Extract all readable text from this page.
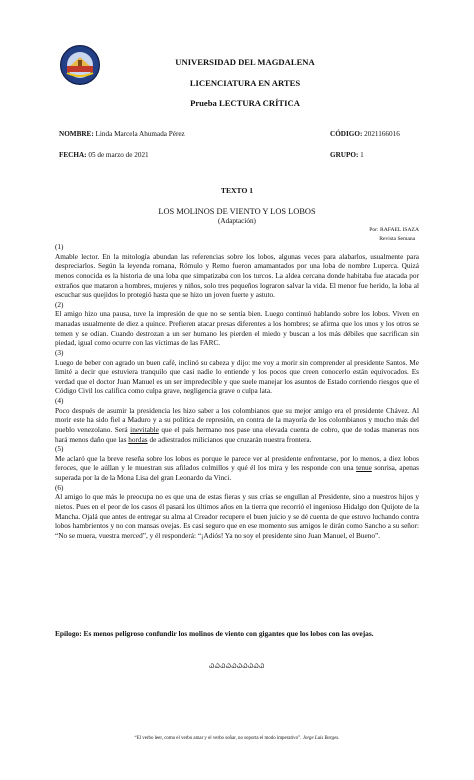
UNIVERSIDAD DEL MAGDALENA
LICENCIATURA EN ARTES
Prueba LECTURA CRÍTICA
NOMBRE: Linda Marcela Ahumada Pérez	CÓDIGO: 2021166016
FECHA: 05 de marzo de 2021	GRUPO: 1
TEXTO 1
LOS MOLINOS DE VIENTO Y LOS LOBOS
(Adaptación)
Por: RAFAEL ISAZA
Revista Semana

(1)

Amable lector. En la mitología abundan las referencias sobre los lobos, algunas veces para alabarlos, usualmente para despreciarlos. Según la leyenda romana, Rómulo y Remo fueron amamantados por una loba de nombre Luperca. Quizá menos conocida es la historia de una loba que simpatizaba con los turcos. La aldea cercana donde habitaba fue atacada por extraños que mataron a hombres, mujeres y niños, solo tres pequeños lograron salvar la vida. El menor fue herido, la loba al escuchar sus quejidos lo protegió hasta que se hizo un joven fuerte y astuto.

(2)

El amigo hizo una pausa, tuve la impresión de que no se sentía bien. Luego continuó hablando sobre los lobos. Viven en manadas usualmente de diez a quince. Prefieren atacar presas diferentes a los hombres; se afirma que los unos y los otros se temen y se odian. Cuando destrozan a un ser humano les pierden el miedo y buscan a los más débiles que sacrifican sin piedad, igual como ocurre con las víctimas de las FARC.

(3)

Luego de beber con agrado un buen café, inclinó su cabeza y dijo: me voy a morir sin comprender al presidente Santos. Me limité a decir que estuviera tranquilo que casi nadie lo entiende y los pocos que creen conocerlo están equivocados. Es verdad que el doctor Juan Manuel es un ser impredecible y que suele manejar los asuntos de Estado corriendo riesgos que el Código Civil los califica como culpa grave, negligencia grave o culpa lata.

(4)

Poco después de asumir la presidencia les hizo saber a los colombianos que su mejor amigo era el presidente Chávez. Al morir este ha sido fiel a Maduro y a su política de represión, en contra de la mayoría de los colombianos y mucho más del pueblo venezolano. Será inevitable que el país hermano nos pase una elevada cuenta de cobro, que de todas maneras nos hará menos daño que las hordas de adiestrados milicianos que cruzarán nuestra frontera.

(5)

Me aclaró que la breve reseña sobre los lobos es porque le parece ver al presidente enfrentarse, por lo menos, a diez lobos feroces, que le aúllan y le muestran sus afilados colmillos y qué él los mira y les responde con una tenue sonrisa, apenas superada por la de la Mona Lisa del gran Leonardo da Vinci.

(6)

Al amigo lo que más le preocupa no es que una de estas fieras y sus crías se engullan al Presidente, sino a nuestros hijos y nietos. Pues en el peor de los casos él pasará los últimos años en la tierra que recorrió el ingenioso Hidalgo don Quijote de la Mancha. Ojalá que antes de entregar su alma al Creador recupere el buen juicio y se dé cuenta de que estuvo luchando contra lobos hambrientos y no con mansas ovejas. Es casi seguro que en ese momento sus amigos le dirán como Sancho a su señor: “No se muera, vuestra merced”, y él responderá: “¡Adiós! Ya no soy el presidente sino Juan Manuel, el Bueno”.

Epílogo: Es menos peligroso confundir los molinos de viento con gigantes que los lobos con las ovejas.
ᏇᏇᏇᏇᏇᏇᏇᏇᏇᏇ
“El verbo leer, como el verbo amar y el verbo soñar, no soporta el modo imperativo”. Jorge Luis Borges.
